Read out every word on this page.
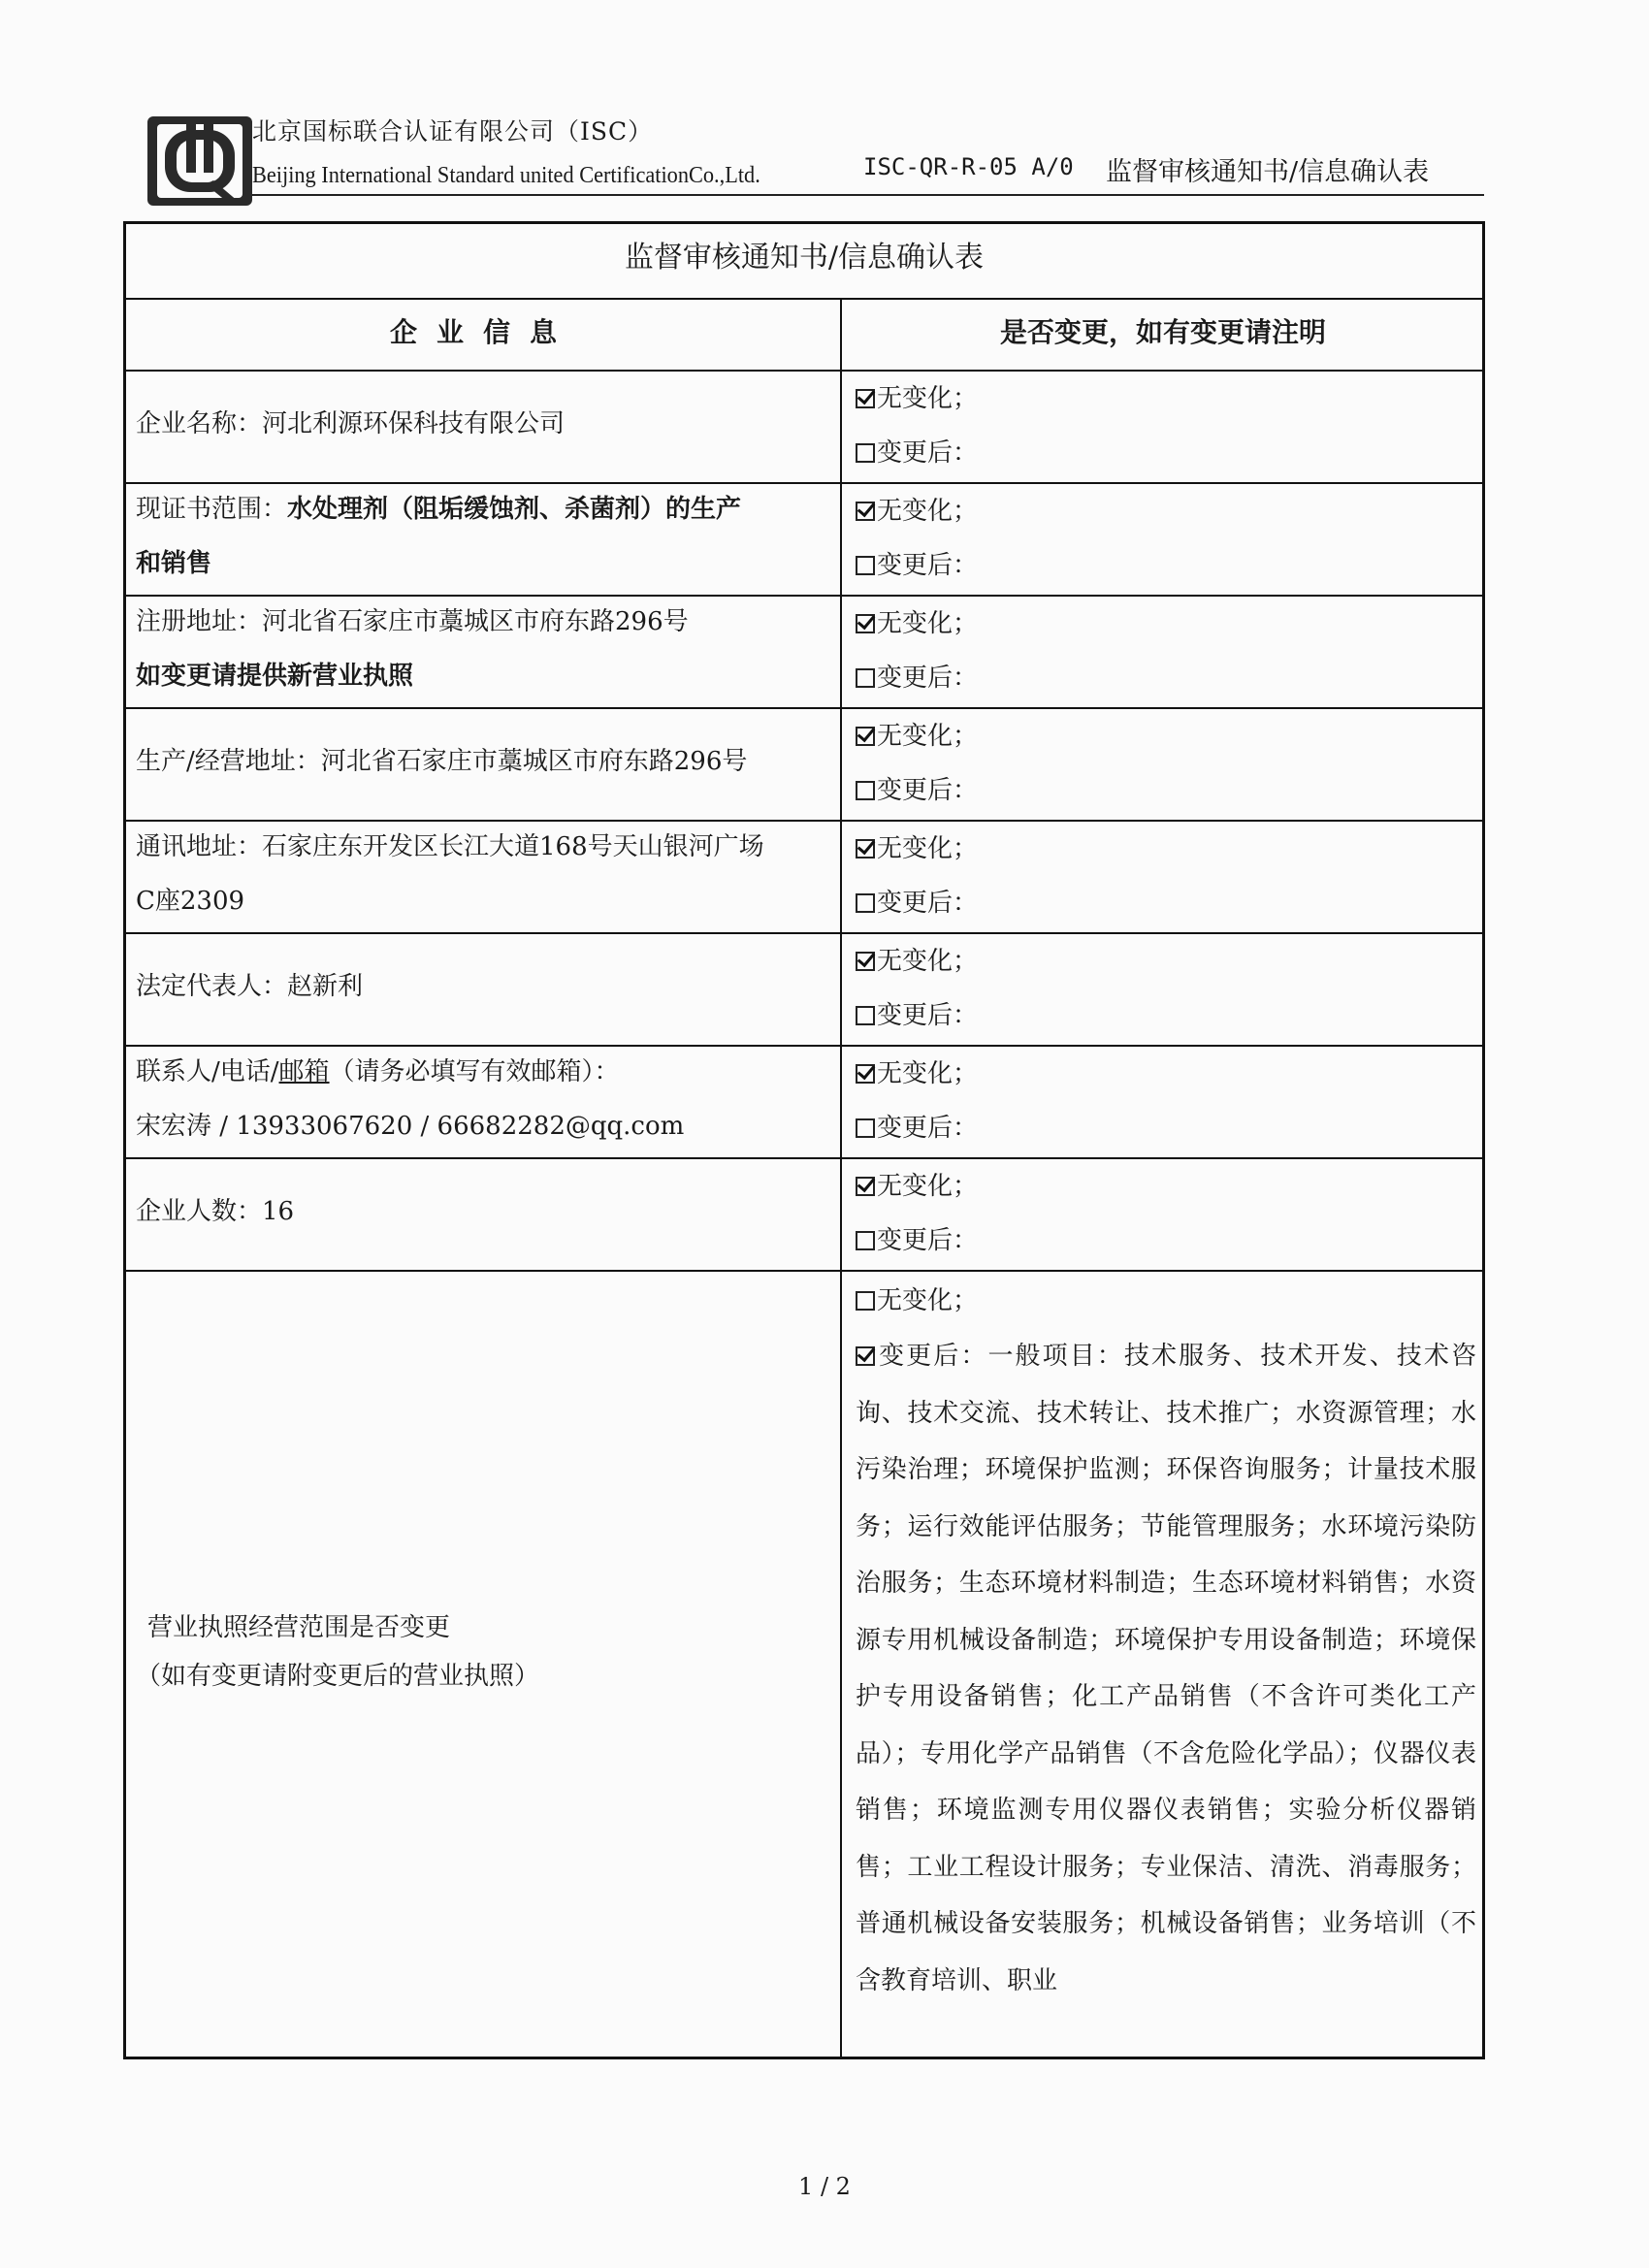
北京国标联合认证有限公司（ISC）
Beijing International Standard united CertificationCo.,Ltd.	ISC-QR-R-05 A/0 监督审核通知书/信息确认表
监督审核通知书/信息确认表
企业信息	是否变更，如有变更请注明
企业名称：河北利源环保科技有限公司
无变化；
变更后：
现证书范围：水处理剂（阻垢缓蚀剂、杀菌剂）的生产
和销售
无变化；
变更后：
注册地址：河北省石家庄市藁城区市府东路296号
如变更请提供新营业执照
无变化；
变更后：
生产/经营地址：河北省石家庄市藁城区市府东路296号
无变化；
变更后：
通讯地址：石家庄东开发区长江大道168号天山银河广场
C座2309
无变化；
变更后：
法定代表人：赵新利
无变化；
变更后：
联系人/电话/邮箱（请务必填写有效邮箱）：
宋宏涛 / 13933067620 / 66682282@qq.com
无变化；
变更后：
企业人数：16
无变化；
变更后：
营业执照经营范围是否变更
（如有变更请附变更后的营业执照）
无变化；
变更后：一般项目：技术服务、技术开发、技术咨询、技术交流、技术转让、技术推广；水资源管理；水污染治理；环境保护监测；环保咨询服务；计量技术服务；运行效能评估服务；节能管理服务；水环境污染防治服务；生态环境材料制造；生态环境材料销售；水资源专用机械设备制造；环境保护专用设备制造；环境保护专用设备销售；化工产品销售（不含许可类化工产品）；专用化学产品销售（不含危险化学品）；仪器仪表销售；环境监测专用仪器仪表销售；实验分析仪器销售；工业工程设计服务；专业保洁、清洗、消毒服务；普通机械设备安装服务；机械设备销售；业务培训（不含教育培训、职业
1 / 2
